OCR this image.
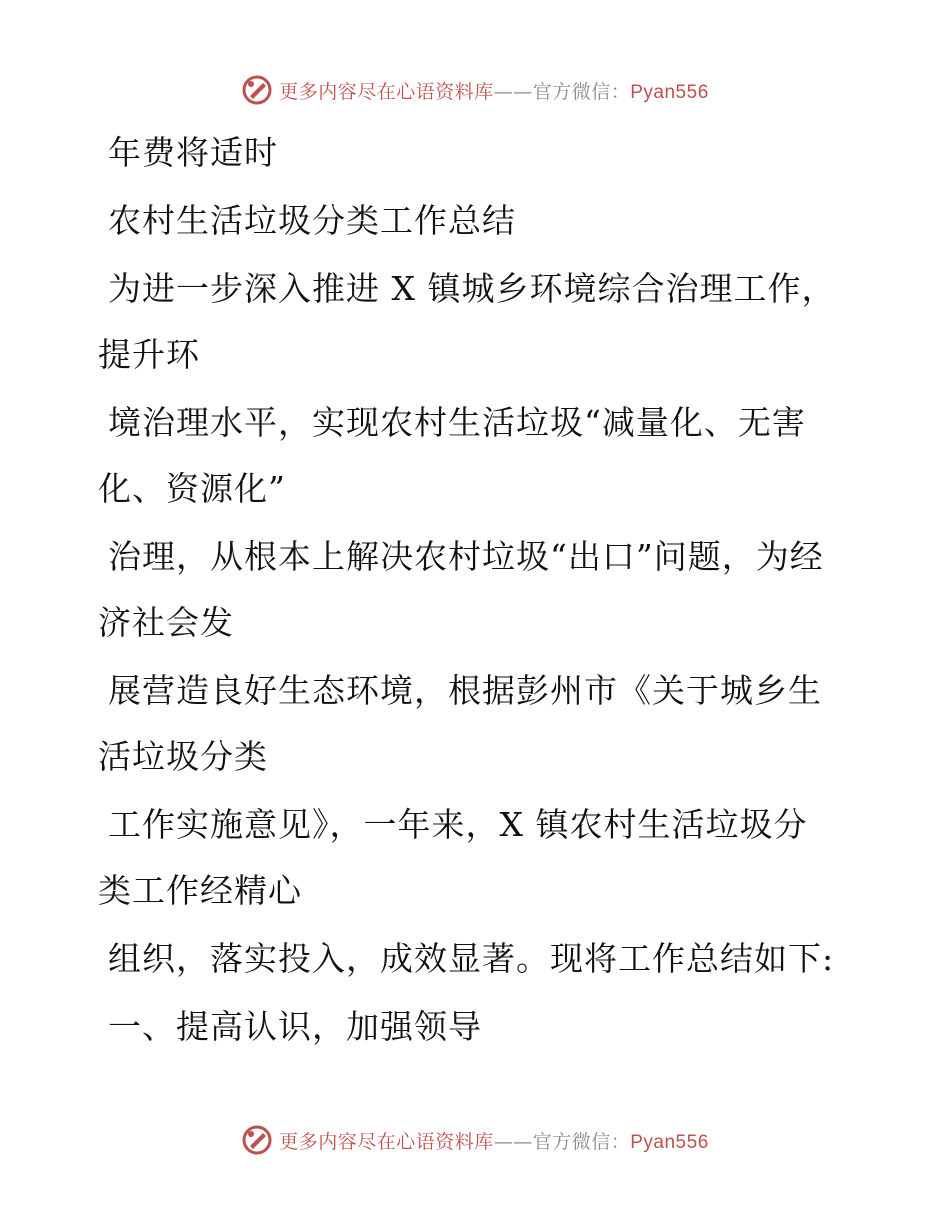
更多内容尽在心语资料库——官方微信：Pyan556

年费将适时

农村生活垃圾分类工作总结

为进一步深入推进 X 镇城乡环境综合治理工作，提升环

境治理水平，实现农村生活垃圾“减量化、无害化、资源化”

治理，从根本上解决农村垃圾“出口”问题，为经济社会发

展营造良好生态环境，根据彭州市《关于城乡生活垃圾分类

工作实施意见》，一年来，X 镇农村生活垃圾分类工作经精心

组织，落实投入，成效显著。现将工作总结如下:

一、提高认识，加强领导

更多内容尽在心语资料库——官方微信：Pyan556
